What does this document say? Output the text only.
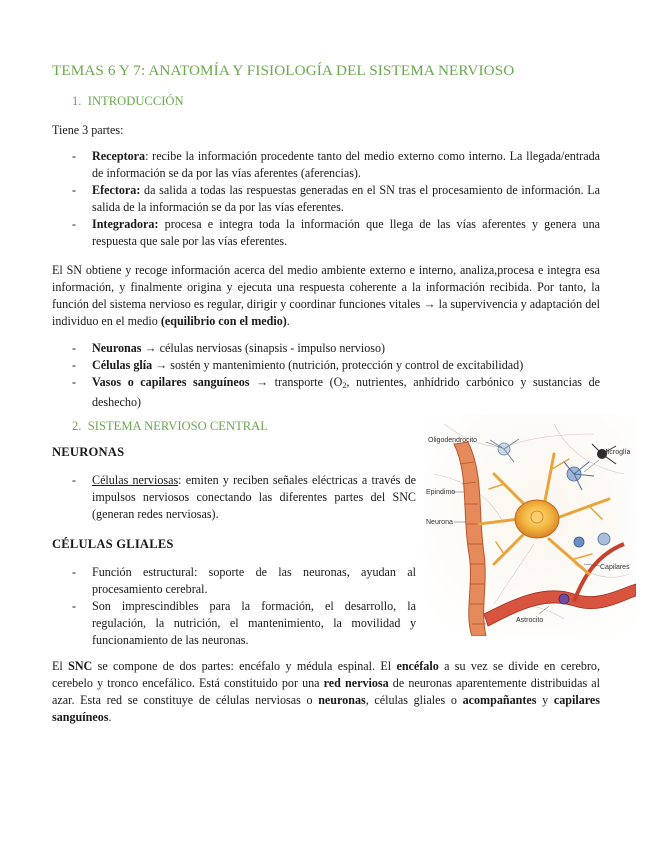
TEMAS 6 Y 7: ANATOMÍA Y FISIOLOGÍA DEL SISTEMA NERVIOSO
1. INTRODUCCIÓN
Tiene 3 partes:
- Receptora: recibe la información procedente tanto del medio externo como interno. La llegada/entrada de información se da por las vías aferentes (aferencias).
- Efectora: da salida a todas las respuestas generadas en el SN tras el procesamiento de información. La salida de la información se da por las vías eferentes.
- Integradora: procesa e integra toda la información que llega de las vías aferentes y genera una respuesta que sale por las vías eferentes.
El SN obtiene y recoge información acerca del medio ambiente externo e interno, analiza,procesa e integra esa información, y finalmente origina y ejecuta una respuesta coherente a la información recibida. Por tanto, la función del sistema nervioso es regular, dirigir y coordinar funciones vitales → la supervivencia y adaptación del individuo en el medio (equilibrio con el medio).
- Neuronas → células nerviosas (sinapsis - impulso nervioso)
- Células glía → sostén y mantenimiento (nutrición, protección y control de excitabilidad)
- Vasos o capilares sanguíneos → transporte ($O_2$, nutrientes, anhídrido carbónico y sustancias de deshecho)
2. SISTEMA NERVIOSO CENTRAL
NEURONAS
- Células nerviosas: emiten y reciben señales eléctricas a través de impulsos nerviosos conectando las diferentes partes del SNC (generan redes nerviosas).
CÉLULAS GLIALES
- Función estructural: soporte de las neuronas, ayudan al procesamiento cerebral.
- Son imprescindibles para la formación, el desarrollo, la regulación, la nutrición, el mantenimiento, la movilidad y funcionamiento de las neuronas.
Oligodendrocito
Microglía
Epindimo
Neurona
Capilares
Astrocito
El SNC se compone de dos partes: encéfalo y médula espinal. El encéfalo a su vez se divide en cerebro, cerebelo y tronco encefálico. Está constituido por una red nerviosa de neuronas aparentemente distribuidas al azar. Esta red se constituye de células nerviosas o neuronas, células gliales o acompañantes y capilares sanguíneos.
